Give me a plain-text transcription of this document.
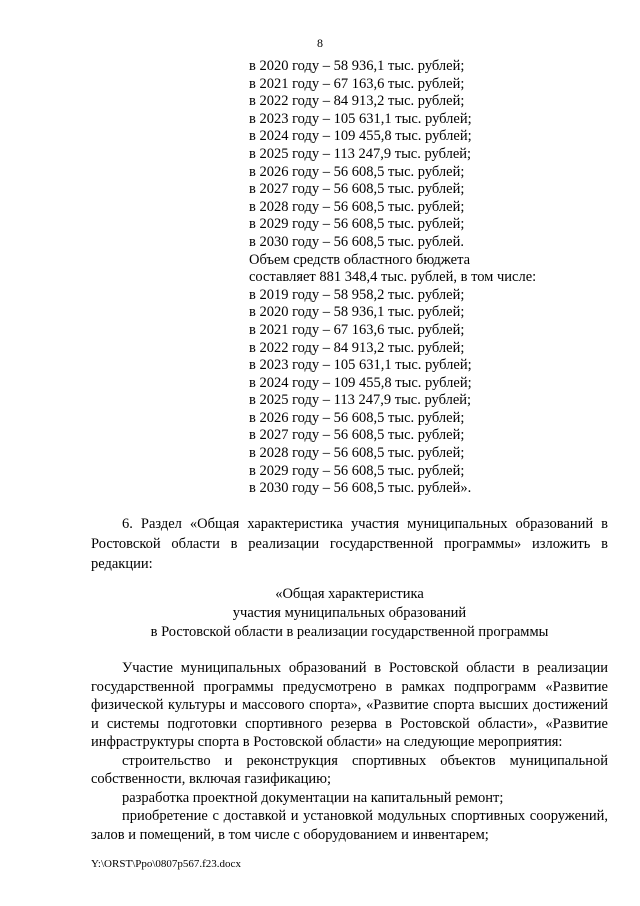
8
в 2020 году – 58 936,1 тыс. рублей;
в 2021 году – 67 163,6 тыс. рублей;
в 2022 году – 84 913,2 тыс. рублей;
в 2023 году – 105 631,1 тыс. рублей;
в 2024 году – 109 455,8 тыс. рублей;
в 2025 году – 113 247,9 тыс. рублей;
в 2026 году – 56 608,5 тыс. рублей;
в 2027 году – 56 608,5 тыс. рублей;
в 2028 году – 56 608,5 тыс. рублей;
в 2029 году – 56 608,5 тыс. рублей;
в 2030 году – 56 608,5 тыс. рублей.
Объем средств областного бюджета
составляет 881 348,4 тыс. рублей, в том числе:
в 2019 году – 58 958,2 тыс. рублей;
в 2020 году – 58 936,1 тыс. рублей;
в 2021 году – 67 163,6 тыс. рублей;
в 2022 году – 84 913,2 тыс. рублей;
в 2023 году – 105 631,1 тыс. рублей;
в 2024 году – 109 455,8 тыс. рублей;
в 2025 году – 113 247,9 тыс. рублей;
в 2026 году – 56 608,5 тыс. рублей;
в 2027 году – 56 608,5 тыс. рублей;
в 2028 году – 56 608,5 тыс. рублей;
в 2029 году – 56 608,5 тыс. рублей;
в 2030 году – 56 608,5 тыс. рублей».

6. Раздел «Общая характеристика участия муниципальных образований в Ростовской области в реализации государственной программы» изложить в редакции:

«Общая характеристика
участия муниципальных образований
в Ростовской области в реализации государственной программы

Участие муниципальных образований в Ростовской области в реализации государственной программы предусмотрено в рамках подпрограмм «Развитие физической культуры и массового спорта», «Развитие спорта высших достижений и системы подготовки спортивного резерва в Ростовской области», «Развитие инфраструктуры спорта в Ростовской области» на следующие мероприятия:

строительство и реконструкция спортивных объектов муниципальной собственности, включая газификацию;

разработка проектной документации на капитальный ремонт;

приобретение с доставкой и установкой модульных спортивных сооружений, залов и помещений, в том числе с оборудованием и инвентарем;

Y:\ORST\Ppo\0807p567.f23.docx
